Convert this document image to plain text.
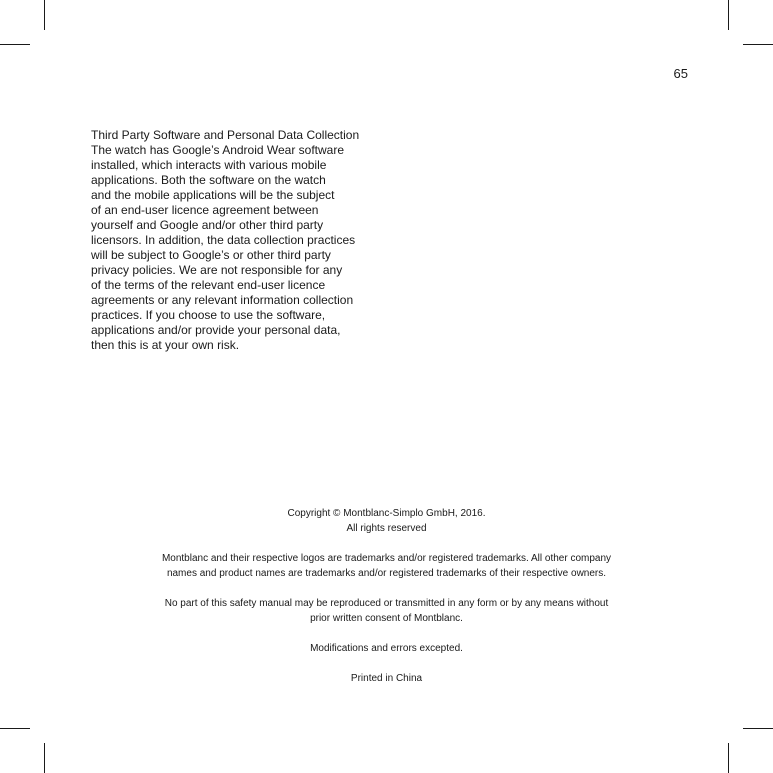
65
Third Party Software and Personal Data Collection
The watch has Google’s Android Wear software
installed, which interacts with various mobile
applications. Both the software on the watch
and the mobile applications will be the subject
of an end-user licence agreement between
yourself and Google and/or other third party
licensors. In addition, the data collection practices
will be subject to Google’s or other third party
privacy policies. We are not responsible for any
of the terms of the relevant end-user licence
agreements or any relevant information collection
practices. If you choose to use the software,
applications and/or provide your personal data,
then this is at your own risk.
Copyright © Montblanc-Simplo GmbH, 2016.
All rights reserved
Montblanc and their respective logos are trademarks and/or registered trademarks. All other company
names and product names are trademarks and/or registered trademarks of their respective owners.
No part of this safety manual may be reproduced or transmitted in any form or by any means without
prior written consent of Montblanc.
Modifications and errors excepted.
Printed in China
